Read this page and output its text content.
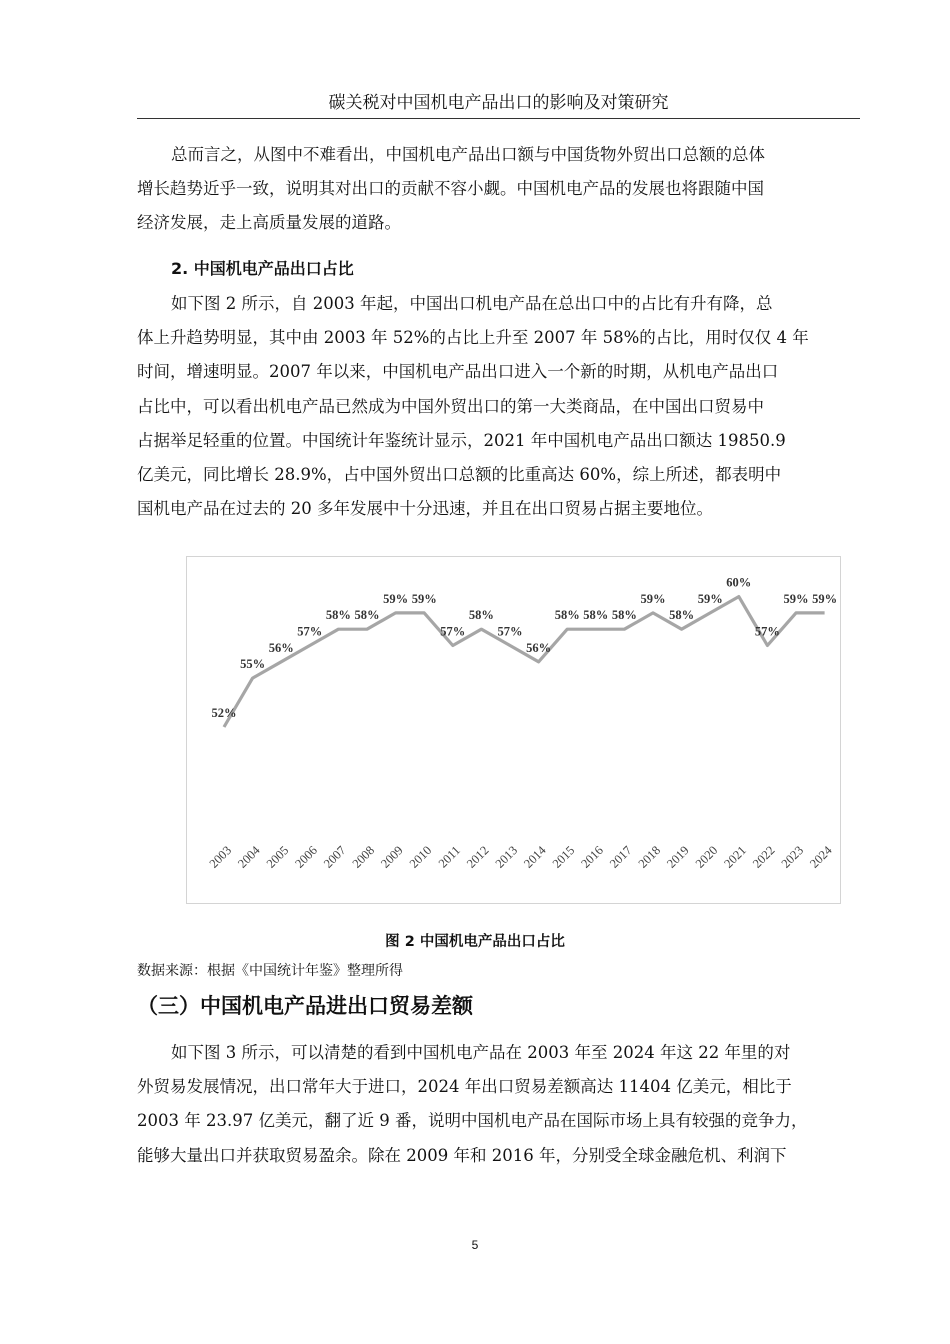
碳关税对中国机电产品出口的影响及对策研究
总而言之，从图中不难看出，中国机电产品出口额与中国货物外贸出口总额的总体
增长趋势近乎一致，说明其对出口的贡献不容小觑。中国机电产品的发展也将跟随中国
经济发展，走上高质量发展的道路。
2. 中国机电产品出口占比
如下图 2 所示，自 2003 年起，中国出口机电产品在总出口中的占比有升有降，总
体上升趋势明显，其中由 2003 年 52%的占比上升至 2007 年 58%的占比，用时仅仅 4 年
时间，增速明显。2007 年以来，中国机电产品出口进入一个新的时期，从机电产品出口
占比中，可以看出机电产品已然成为中国外贸出口的第一大类商品，在中国出口贸易中
占据举足轻重的位置。中国统计年鉴统计显示，2021 年中国机电产品出口额达 19850.9
亿美元，同比增长 28.9%，占中国外贸出口总额的比重高达 60%，综上所述，都表明中
国机电产品在过去的 20 多年发展中十分迅速，并且在出口贸易占据主要地位。
52%
55%
56%
57%
58% 58%
59% 59%
57%
58%
57%
56%
58% 58% 58%
59%
58%
59%
60%
57%
59% 59%
2003 2004 2005 2006 2007 2008 2009 2010 2011 2012 2013 2014 2015 2016 2017 2018 2019 2020 2021 2022 2023 2024
图 2 中国机电产品出口占比
数据来源：根据《中国统计年鉴》整理所得
（三）中国机电产品进出口贸易差额
如下图 3 所示，可以清楚的看到中国机电产品在 2003 年至 2024 年这 22 年里的对
外贸易发展情况，出口常年大于进口，2024 年出口贸易差额高达 11404 亿美元，相比于
2003 年 23.97 亿美元，翻了近 9 番，说明中国机电产品在国际市场上具有较强的竞争力，
能够大量出口并获取贸易盈余。除在 2009 年和 2016 年，分别受全球金融危机、利润下
5
